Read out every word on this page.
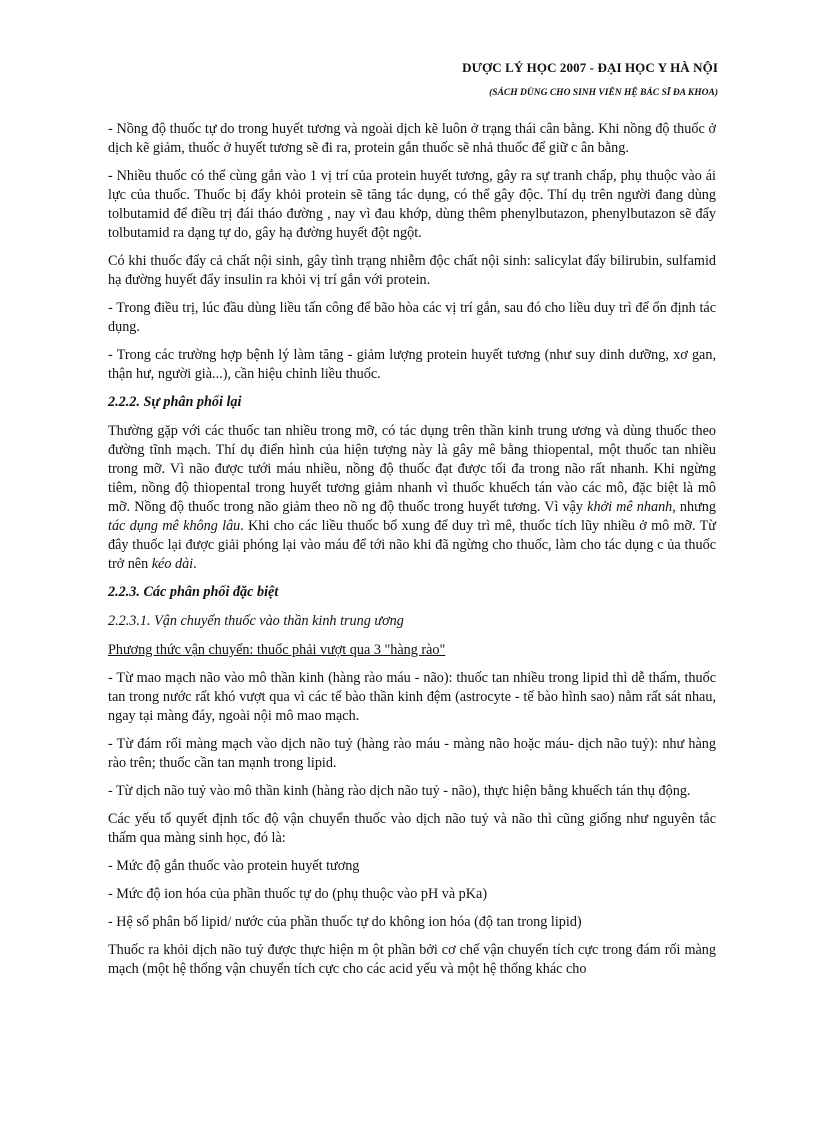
DƯỢC LÝ HỌC 2007 - ĐẠI HỌC Y HÀ NỘI
(SÁCH DÙNG CHO SINH VIÊN HỆ BÁC SĨ ĐA KHOA)

- Nồng độ thuốc tự do trong huyết tương và ngoài dịch kẽ luôn ở trạng thái cân bằng. Khi nồng độ thuốc ở dịch kẽ giảm, thuốc ở huyết tương sẽ đi ra, protein gắn thuốc sẽ nhả thuốc để giữ c ân bằng.

- Nhiều thuốc có thể cùng gắn vào 1 vị trí của protein huyết tương, gây ra sự tranh chấp, phụ thuộc vào ái lực của thuốc. Thuốc bị đẩy khỏi protein sẽ tăng tác dụng, có thể gây độc. Thí dụ trên người đang dùng tolbutamid để điều trị đái tháo đường , nay vì đau khớp, dùng thêm phenylbutazon, phenylbutazon sẽ đẩy tolbutamid ra dạng tự do, gây hạ đường huyết đột ngột.

Có khi thuốc đẩy cả chất nội sinh, gây tình trạng nhiễm độc chất nội sinh: salicylat đẩy bilirubin, sulfamid hạ đường huyết đẩy insulin ra khỏi vị trí gắn với protein.

- Trong điều trị, lúc đầu dùng liều tấn công để bão hòa các vị trí gắn, sau đó cho liều duy trì để ổn định tác dụng.

- Trong các trường hợp bệnh lý làm tăng - giảm lượng protein huyết tương (như suy dinh dưỡng, xơ gan, thận hư, người già...), cần hiệu chỉnh liều thuốc.

2.2.2. Sự phân phối lại

Thường gặp với các thuốc tan nhiều trong mỡ, có tác dụng trên thần kinh trung ương và dùng thuốc theo đường tĩnh mạch. Thí dụ điển hình của hiện tượng này là gây mê bằng thiopental, một thuốc tan nhiều trong mỡ. Vì não được tưới máu nhiều, nồng độ thuốc đạt được tối đa trong não rất nhanh. Khi ngừng tiêm, nồng độ thiopental trong huyết tương giảm nhanh vì thuốc khuếch tán vào các mô, đặc biệt là mô mỡ. Nồng độ thuốc trong não giảm theo nồ ng độ thuốc trong huyết tương. Vì vậy khởi mê nhanh, nhưng tác dụng mê không lâu. Khi cho các liều thuốc bổ xung để duy trì mê, thuốc tích lũy nhiều ở mô mỡ. Từ đây thuốc lại được giải phóng lại vào máu để tới não khi đã ngừng cho thuốc, làm cho tác dụng c ủa thuốc trở nên kéo dài.

2.2.3. Các phân phối đặc biệt
2.2.3.1. Vận chuyển thuốc vào thần kinh trung ương

Phương thức vận chuyển: thuốc phải vượt qua 3 "hàng rào"

- Từ mao mạch não vào mô thần kinh (hàng rào máu - não): thuốc tan nhiều trong lipid thì dễ thấm, thuốc tan trong nước rất khó vượt qua vì các tế bào thần kinh đệm (astrocyte - tế bào hình sao) nằm rất sát nhau, ngay tại màng đáy, ngoài nội mô mao mạch.

- Từ đám rối màng mạch vào dịch não tuỷ (hàng rào máu - màng não hoặc máu- dịch não tuỷ): như hàng rào trên; thuốc cần tan mạnh trong lipid.

- Từ dịch não tuỷ vào mô thần kinh (hàng rào dịch não tuỷ - não), thực hiện bằng khuếch tán thụ động.

Các yếu tố quyết định tốc độ vận chuyển thuốc vào dịch não tuỷ và não thì cũng giống như nguyên tắc thấm qua màng sinh học, đó là:

- Mức độ gắn thuốc vào protein huyết tương

- Mức độ ion hóa của phần thuốc tự do (phụ thuộc vào pH và pKa)

- Hệ số phân bố lipid/ nước của phần thuốc tự do không ion hóa (độ tan trong lipid)

Thuốc ra khỏi dịch não tuỷ được thực hiện m ột phần bởi cơ chế vận chuyển tích cực trong đám rối màng mạch (một hệ thống vận chuyển tích cực cho các acid yếu và một hệ thống khác cho
